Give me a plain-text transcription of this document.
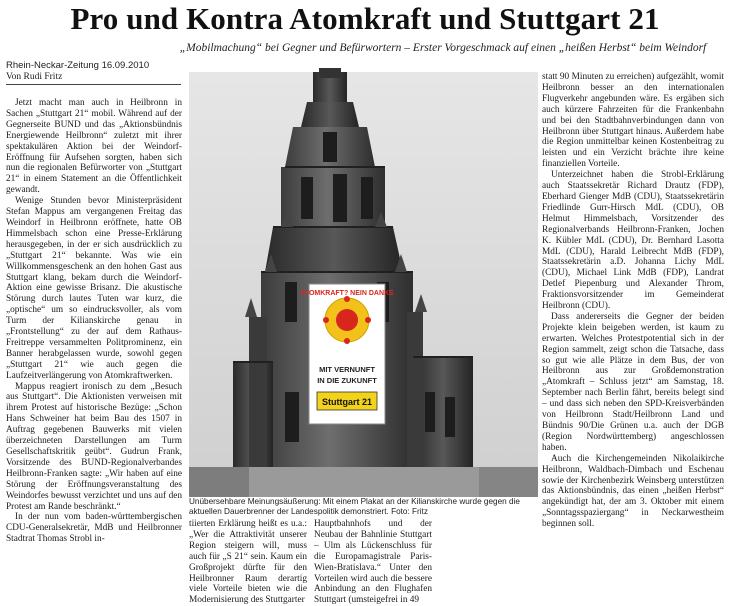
Pro und Kontra Atomkraft und Stuttgart 21
„Mobilmachung“ bei Gegner und Befürwortern – Erster Vorgeschmack auf einen „heißen Herbst“ beim Weindorf
Rhein-Neckar-Zeitung 16.09.2010
Von Rudi Fritz

Jetzt macht man auch in Heilbronn in Sachen „Stuttgart 21“ mobil. Während auf der Gegnerseite BUND und das „Aktionsbündnis Energiewende Heilbronn“ zuletzt mit ihrer spektakulären Aktion bei der Weindorf-Eröffnung für Aufsehen sorgten, haben sich nun die regionalen Befürworter von „Stuttgart 21“ in einem Statement an die Öffentlichkeit gewandt.

Wenige Stunden bevor Ministerpräsident Stefan Mappus am vergangenen Freitag das Weindorf in Heilbronn eröffnete, hatte OB Himmelsbach schon eine Presse-Erklärung herausgegeben, in der er sich ausdrücklich zu „Stuttgart 21“ bekannte. Was wie ein Willkommensgeschenk an den hohen Gast aus Stuttgart klang, bekam durch die Weindorf-Aktion eine gewisse Brisanz. Die akustische Störung durch lautes Tuten war kurz, die „optische“ um so eindrucksvoller, als vom Turm der Kilianskirche genau in „Frontstellung“ zu der auf dem Rathaus-Freitreppe versammelten Politprominenz, ein Banner herabgelassen wurde, sowohl gegen „Stuttgart 21“ wie auch gegen die Laufzeitverlängerung von Atomkraftwerken.

Mappus reagiert ironisch zu dem „Besuch aus Stuttgart“. Die Aktionisten verweisen mit ihrem Protest auf historische Bezüge: „Schon Hans Schweiner hat beim Bau des 1507 in Auftrag gegebenen Bauwerks mit vielen überzeichneten Darstellungen am Turm Gesellschaftskritik geübt“. Gudrun Frank, Vorsitzende des BUND-Regionalverbandes Heilbronn-Franken sagte: „Wir haben auf eine Störung der Eröffnungsveranstaltung des Weindorfes bewusst verzichtet und uns auf den Protest am Rande beschränkt.“

In der nun vom baden-württembergischen CDU-Generalsekretär, MdB und Heilbronner Stadtrat Thomas Strobl in-

ATOMKRAFT? NEIN DANKE
MIT VERNUNFT
IN DIE ZUKUNFT
Stuttgart 21
Unübersehbare Meinungsäußerung: Mit einem Plakat an der Kilianskirche wurde gegen die aktuellen Dauerbrenner der Landespolitik demonstriert. Foto: Fritz

tiierten Erklärung heißt es u.a.: „Wer die Attraktivität unserer Region steigern will, muss auch für „S 21“ sein. Kaum ein Großprojekt dürfte für den Heilbronner Raum derartig viele Vorteile bieten wie die Modernisierung des Stuttgarter

Hauptbahnhofs und der Neubau der Bahnlinie Stuttgart – Ulm als Lückenschluss für die Europamagistrale Paris-Wien-Bratislava.“ Unter den Vorteilen wird auch die bessere Anbindung an den Flughafen Stuttgart (umsteigefrei in 49

statt 90 Minuten zu erreichen) aufgezählt, womit Heilbronn besser an den internationalen Flugverkehr angebunden wäre. Es ergäben sich auch kürzere Fahrzeiten für die Frankenbahn und bei den Stadtbahnverbindungen dann von Heilbronn über Stuttgart hinaus. Außerdem habe die Region unmittelbar keinen Kostenbeitrag zu leisten und ein Verzicht brächte ihre keine finanziellen Vorteile.

Unterzeichnet haben die Strobl-Erklärung auch Staatssekretär Richard Drautz (FDP), Eberhard Gienger MdB (CDU), Staatssekretärin Friedlinde Gurr-Hirsch MdL (CDU), OB Helmut Himmelsbach, Vorsitzender des Regionalverbands Heilbronn-Franken, Jochen K. Kübler MdL (CDU), Dr. Bernhard Lasotta MdL (CDU), Harald Leibrecht MdB (FDP), Staatssekretärin a.D. Johanna Lichy MdL (CDU), Michael Link MdB (FDP), Landrat Detlef Piepenburg und Alexander Throm, Fraktionsvorsitzender im Gemeinderat Heilbronn (CDU).

Dass andererseits die Gegner der beiden Projekte klein beigeben werden, ist kaum zu erwarten. Welches Protestpotential sich in der Region sammelt, zeigt schon die Tatsache, dass so gut wie alle Plätze in dem Bus, der von Heilbronn aus zur Großdemonstration „Atomkraft – Schluss jetzt“ am Samstag, 18. September nach Berlin fährt, bereits belegt sind – und dass sich neben den SPD-Kreisverbänden von Heilbronn Stadt/Heilbronn Land und Bündnis 90/Die Grünen u.a. auch der DGB (Region Nordwürttemberg) angeschlossen haben.

Auch die Kirchengemeinden Nikolaikirche Heilbronn, Waldbach-Dimbach und Eschenau sowie der Kirchenbezirk Weinsberg unterstützen das Aktionsbündnis, das einen „heißen Herbst“ angekündigt hat, der am 3. Oktober mit einem „Sonntagsspaziergang“ in Neckarwestheim beginnen soll.
